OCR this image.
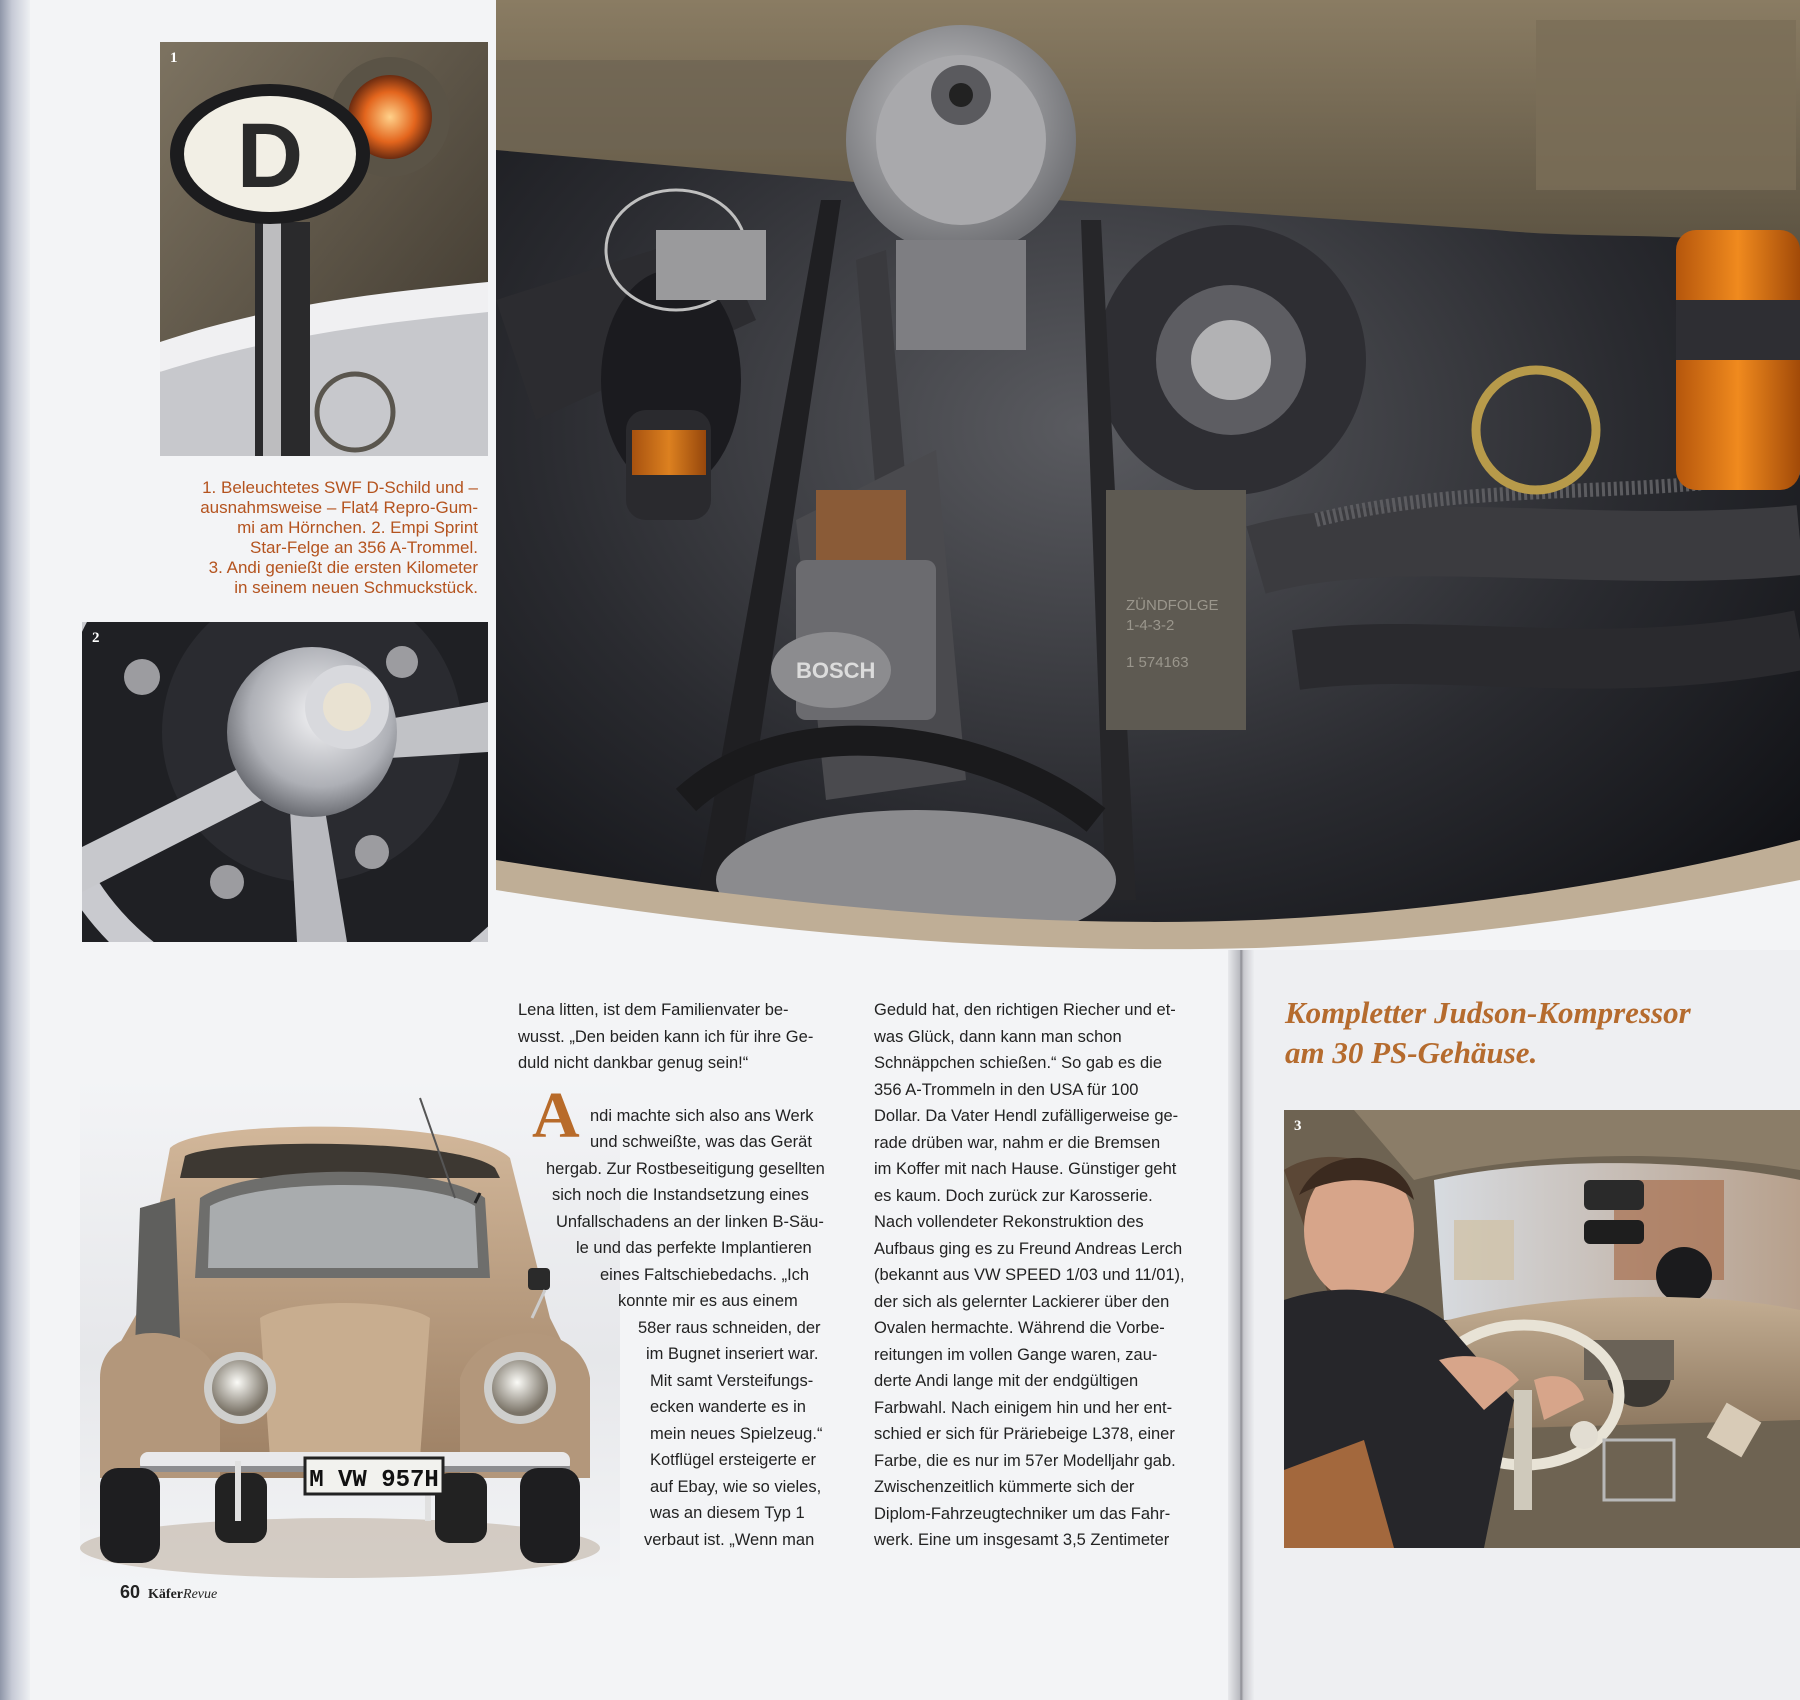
BOSCH
ZÜNDFOLGE
1-4-3-2
1 574163
D
1
1. Beleuchtetes SWF D-Schild und –
ausnahmsweise – Flat4 Repro-Gum-
mi am Hörnchen. 2. Empi Sprint
Star-Felge an 356 A-Trommel.
3. Andi genießt die ersten Kilometer
in seinem neuen Schmuckstück.
2
M VW 957H
Lena litten, ist dem Familienvater be-
wusst. „Den beiden kann ich für ihre Ge-
duld nicht dankbar genug sein!“
ndi machte sich also ans Werk
und schweißte, was das Gerät
hergab. Zur Rostbeseitigung gesellten
sich noch die Instandsetzung eines
Unfallschadens an der linken B-Säu-
le und das perfekte Implantieren
eines Faltschiebedachs. „Ich
konnte mir es aus einem
58er raus schneiden, der
im Bugnet inseriert war.
Mit samt Versteifungs-
ecken wanderte es in
mein neues Spielzeug.“
Kotflügel ersteigerte er
auf Ebay, wie so vieles,
was an diesem Typ 1
verbaut ist. „Wenn man
A
Geduld hat, den richtigen Riecher und et-
was Glück, dann kann man schon
Schnäppchen schießen.“ So gab es die
356 A-Trommeln in den USA für 100
Dollar. Da Vater Hendl zufälligerweise ge-
rade drüben war, nahm er die Bremsen
im Koffer mit nach Hause. Günstiger geht
es kaum. Doch zurück zur Karosserie.
Nach vollendeter Rekonstruktion des
Aufbaus ging es zu Freund Andreas Lerch
(bekannt aus VW SPEED 1/03 und 11/01),
der sich als gelernter Lackierer über den
Ovalen hermachte. Während die Vorbe-
reitungen im vollen Gange waren, zau-
derte Andi lange mit der endgültigen
Farbwahl. Nach einigem hin und her ent-
schied er sich für Präriebeige L378, einer
Farbe, die es nur im 57er Modelljahr gab.
Zwischenzeitlich kümmerte sich der
Diplom-Fahrzeugtechniker um das Fahr-
werk. Eine um insgesamt 3,5 Zentimeter
Kompletter Judson-Kompressor
am 30 PS-Gehäuse.
3
60 KäferRevue
